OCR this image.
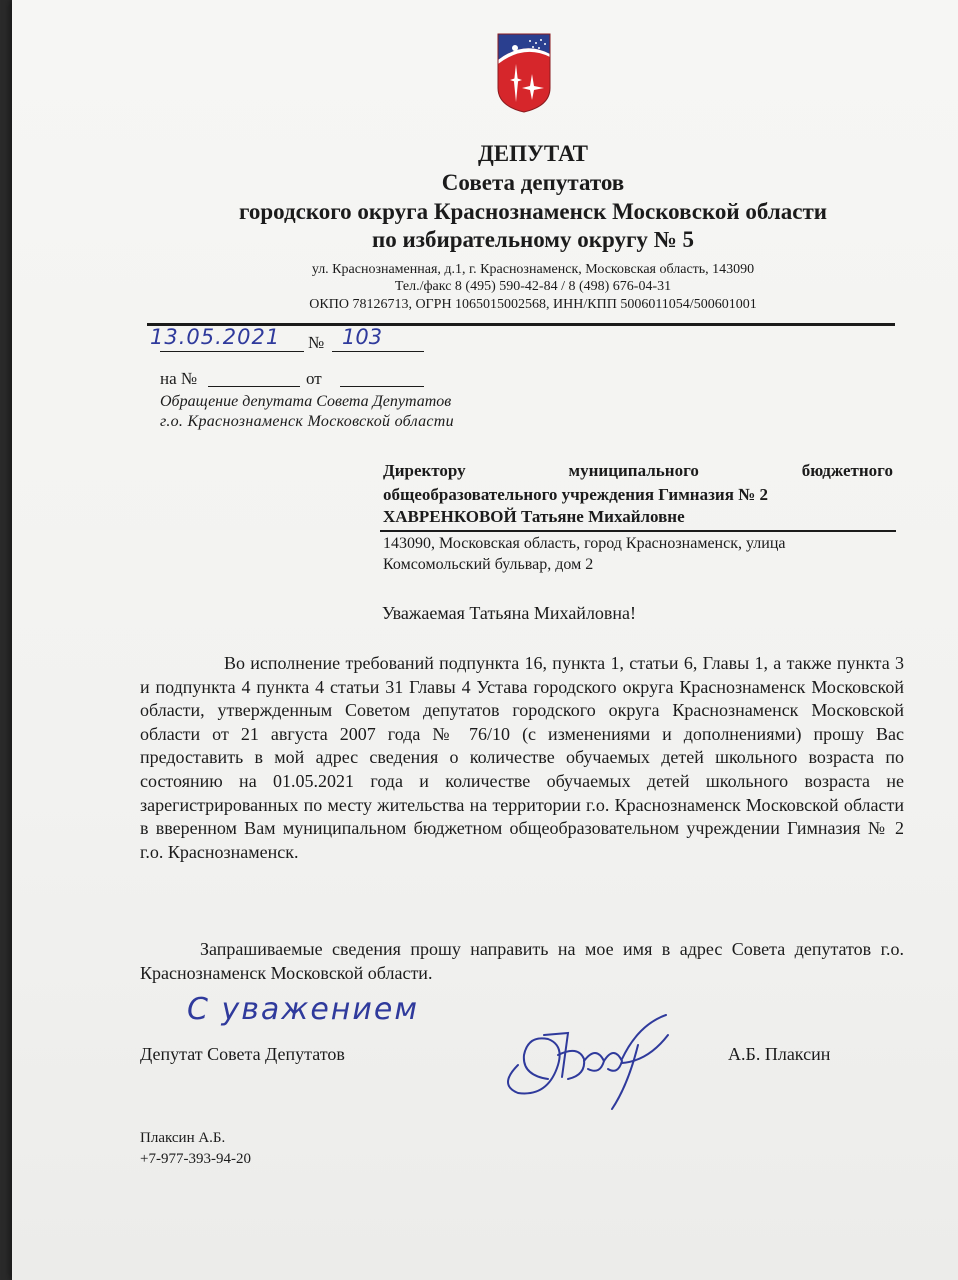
ДЕПУТАТ
Совета депутатов
городского округа Краснознаменск Московской области
по избирательному округу № 5
ул. Краснознаменная, д.1, г. Краснознаменск, Московская область, 143090
Тел./факс 8 (495) 590-42-84 / 8 (498) 676-04-31
ОКПО 78126713, ОГРН 1065015002568, ИНН/КПП 5006011054/500601001
13.05.2021 № 103
на №	от
Обращение депутата Совета Депутатов
г.о. Краснознаменск Московской области
Директору	муниципального	бюджетного
общеобразовательного учреждения Гимназия № 2
ХАВРЕНКОВОЙ Татьяне Михайловне
143090, Московская область, город Краснознаменск, улица
Комсомольский бульвар, дом 2
Уважаемая Татьяна Михайловна!
Во исполнение требований подпункта 16, пункта 1, статьи 6, Главы 1, а также пункта 3 и подпункта 4 пункта 4 статьи 31 Главы 4 Устава городского округа Краснознаменск Московской области, утвержденным Советом депутатов городского округа Краснознаменск Московской области от 21 августа 2007 года № 76/10 (с изменениями и дополнениями) прошу Вас предоставить в мой адрес сведения о количестве обучаемых детей школьного возраста по состоянию на 01.05.2021 года и количестве обучаемых детей школьного возраста не зарегистрированных по месту жительства на территории г.о. Краснознаменск Московской области в вверенном Вам муниципальном бюджетном общеобразовательном учреждении Гимназия № 2 г.о. Краснознаменск.
Запрашиваемые сведения прошу направить на мое имя в адрес Совета депутатов г.о. Краснознаменск Московской области.
С уважением
Депутат Совета Депутатов	А.Б. Плаксин
Плаксин А.Б.
+7-977-393-94-20
